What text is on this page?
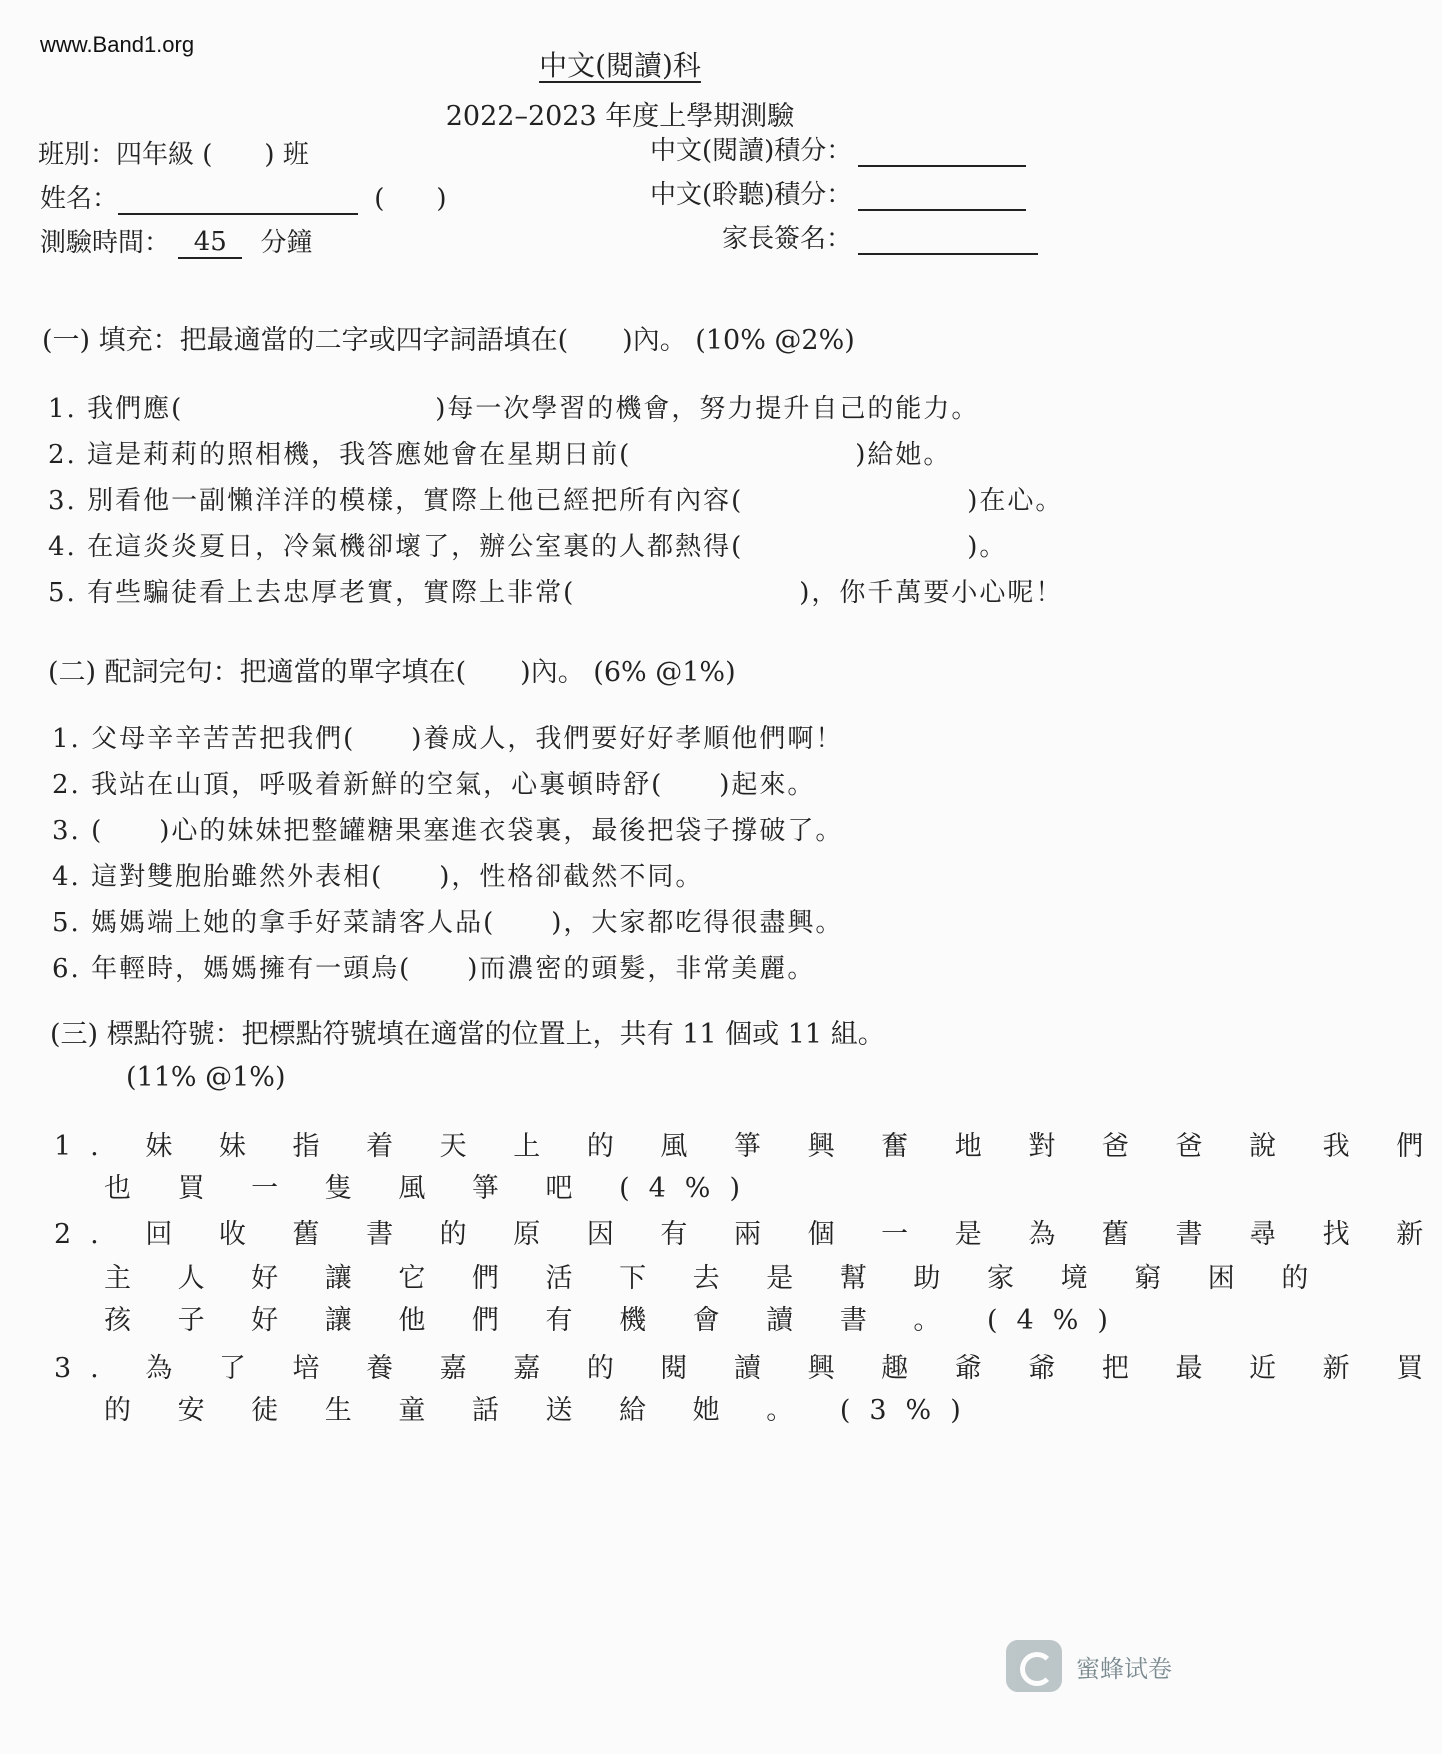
www.Band1.org
中文(閱讀)科
2022–2023 年度上學期測驗
班別：四年級 (　　) 班
姓名：	(　　)
測驗時間： 45 分鐘
中文(閱讀)積分：
中文(聆聽)積分：
家長簽名：
(一) 填充：把最適當的二字或四字詞語填在(　　)內。 (10% @2%)
1. 我們應(　　　　　　　　　)每一次學習的機會，努力提升自己的能力。
2. 這是莉莉的照相機，我答應她會在星期日前(　　　　　　　　)給她。
3. 別看他一副懶洋洋的模樣，實際上他已經把所有內容(　　　　　　　　)在心。
4. 在這炎炎夏日，冷氣機卻壞了，辦公室裏的人都熱得(　　　　　　　　)。
5. 有些騙徒看上去忠厚老實，實際上非常(　　　　　　　　)，你千萬要小心呢！
(二) 配詞完句：把適當的單字填在(　　)內。 (6% @1%)
1. 父母辛辛苦苦把我們(　　)養成人，我們要好好孝順他們啊！
2. 我站在山頂，呼吸着新鮮的空氣，心裏頓時舒(　　)起來。
3. (　　)心的妹妹把整罐糖果塞進衣袋裏，最後把袋子撐破了。
4. 這對雙胞胎雖然外表相(　　)，性格卻截然不同。
5. 媽媽端上她的拿手好菜請客人品(　　)，大家都吃得很盡興。
6. 年輕時，媽媽擁有一頭烏(　　)而濃密的頭髮，非常美麗。
(三) 標點符號：把標點符號填在適當的位置上，共有 11 個或 11 組。
(11% @1%)
1. 妹 妹 指 着 天 上 的 風 箏 興 奮 地 對 爸 爸 說 我 們
也 買 一 隻 風 箏 吧 (4%)
2. 回 收 舊 書 的 原 因 有 兩 個 一 是 為 舊 書 尋 找 新
主 人 好 讓 它 們 活 下 去 是 幫 助 家 境 窮 困 的
孩 子 好 讓 他 們 有 機 會 讀 書 。 (4%)
3. 為 了 培 養 嘉 嘉 的 閱 讀 興 趣 爺 爺 把 最 近 新 買
的 安 徒 生 童 話 送 給 她 。 (3%)
蜜蜂试卷
